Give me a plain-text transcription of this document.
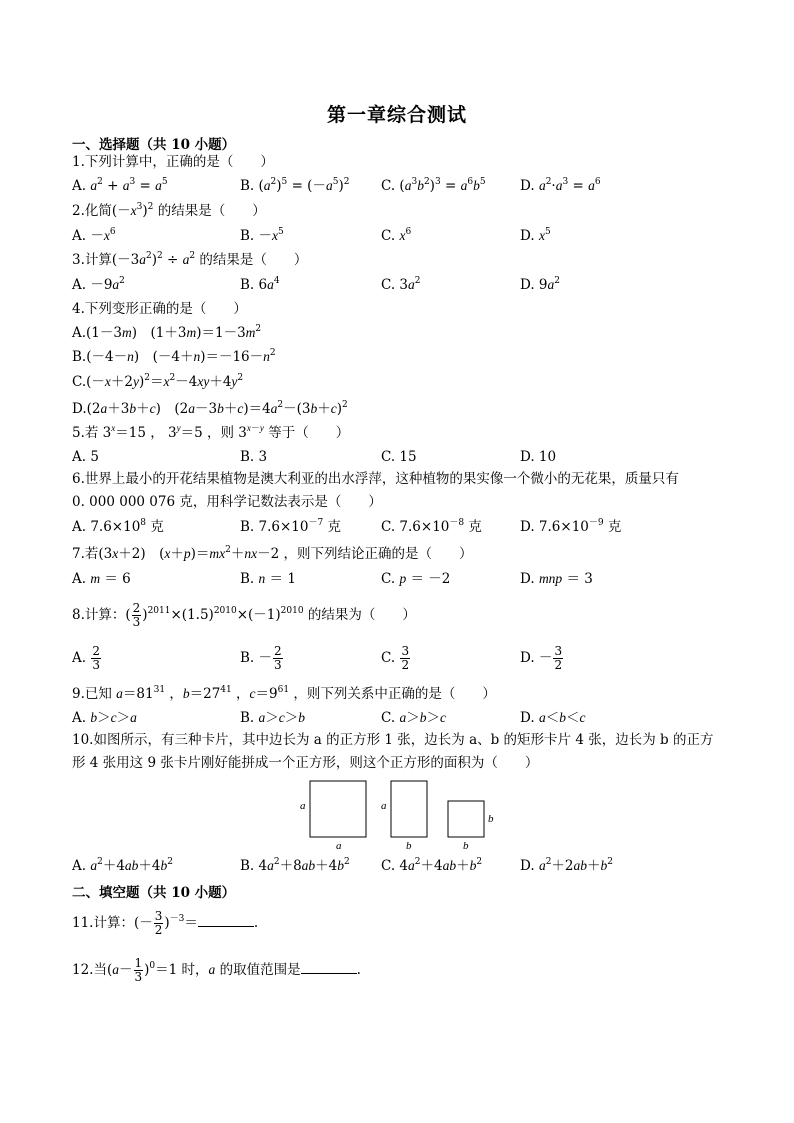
第一章综合测试
一、选择题（共 10 小题）
1.下列计算中，正确的是（　　）
A. $a^2 + a^3 = a^5$	B. $(a^2)^5 = (-a^5)^2$ C. $(a^3b^2)^3 = a^6b^5$	D. $a^2\cdot a^3 = a^6$
2.化简$(-x^3)^2$ 的结果是（　　）
A. $-x^6$	B. $-x^5$	C. $x^6$	D. $x^5$
3.计算$(-3a^2)^2 \div a^2$ 的结果是（　　）
A. $-9a^2$	B. $6a^4$	C. $3a^2$	D. $9a^2$
4.下列变形正确的是（　　）
A.(1－3m)　$(1+3m)=1-3m^2$
B.(－4－n)　$(-4+n)=-16-n^2$
$C.(-x+2y)^2=x^2-4xy+4y^2$
D.(2a＋3b＋c)　$(2a-3b+c)=4a^2-(3b+c)^2$
5.若 $3^x=15$ ， $3^y=5$ ，则 $3^{x-y}$ 等于（　　）
A. 5	B. 3	C. 15	D. 10
6.世界上最小的开花结果植物是澳大利亚的出水浮萍，这种植物的果实像一个微小的无花果，质量只有
0. 000 000 076 克，用科学记数法表示是（　　）
A. $7.6\times 10^8$ 克	B. $7.6\times 10^{-7}$ 克	C. $7.6\times 10^{-8}$ 克	D. $7.6\times 10^{-9}$ 克
7.若(3x＋2)　$(x+p)=mx^2+nx-2$ ，则下列结论正确的是（　　）
A. m ＝ 6	B. n ＝ 1	C. p ＝ －2	D. mnp ＝ 3
8.计算：( $\frac{2}{3} )^{2011}\times(1.5)^{2010}\times(-1)^{2010}$ 的结果为（　　）
A. $\frac{2}{3}$	B. － $\frac{2}{3}$	C. $\frac{3}{2}$	D. － $\frac{3}{2}$
9.已知 $a=81^{31}$ ，$b=27^{41}$ ，$c=9^{61}$ ，则下列关系中正确的是（　　）
A. b＞c＞a	B. a＞c＞b	C. a＞b＞c	D. a＜b＜c
10.如图所示，有三种卡片，其中边长为 a 的正方形 1 张，边长为 a、b 的矩形卡片 4 张，边长为 b 的正方
形 4 张用这 9 张卡片刚好能拼成一个正方形，则这个正方形的面积为（　　）
a
a
a
b
b
b
A. $a^2+4ab+4b^2$	B. $4a^2+8ab+4b^2$ C. $4a^2+4ab+b^2$	D. $a^2+2ab+b^2$
二、填空题（共 10 小题）
11.计算：(－ $\frac{3}{2} )^{-3}=$	.
12.当$(a- \frac{1}{3} )^0=1$ 时，a 的取值范围是	.
